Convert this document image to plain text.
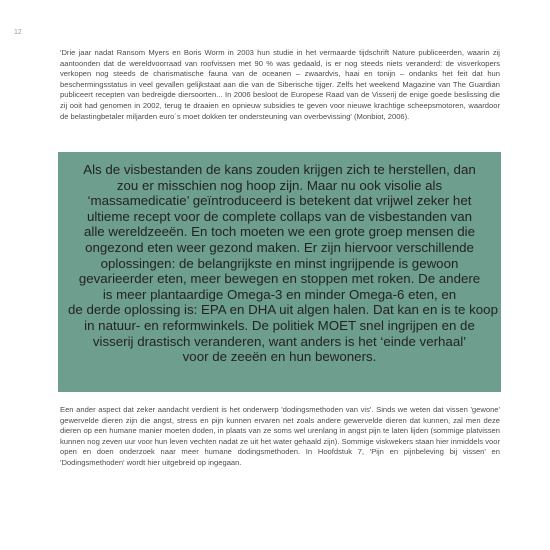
12

'Drie jaar nadat Ransom Myers en Boris Worm in 2003 hun studie in het vermaarde tijdschrift Nature publiceerden, waarin zij aantoonden dat de wereldvoorraad van roofvissen met 90 % was gedaald, is er nog steeds niets veranderd: de visverkopers verkopen nog steeds de charismatische fauna van de oceanen – zwaardvis, haai en tonijn – ondanks het feit dat hun beschermingsstatus in veel gevallen gelijkstaat aan die van de Siberische tijger. Zelfs het weekend Magazine van The Guardian publiceert recepten van bedreigde diersoorten... In 2006 besloot de Europese Raad van de Visserij de enige goede beslissing die zij ooit had genomen in 2002, terug te draaien en opnieuw subsidies te geven voor nieuwe krachtige scheepsmotoren, waardoor de belastingbetaler miljarden euro´s moet dokken ter ondersteuning van overbevissing' (Monbiot, 2006).

Als de visbestanden de kans zouden krijgen zich te herstellen, dan
zou er misschien nog hoop zijn. Maar nu ook visolie als
‘massamedicatie’ geïntroduceerd is betekent dat vrijwel zeker het
ultieme recept voor de complete collaps van de visbestanden van
alle wereldzeeën. En toch moeten we een grote groep mensen die
ongezond eten weer gezond maken. Er zijn hiervoor verschillende
oplossingen: de belangrijkste en minst ingrijpende is gewoon
gevarieerder eten, meer bewegen en stoppen met roken. De andere
is meer plantaardige Omega-3 en minder Omega-6 eten, en
de derde oplossing is: EPA en DHA uit algen halen. Dat kan en is te koop
in natuur- en reformwinkels. De politiek MOET snel ingrijpen en de
visserij drastisch veranderen, want anders is het ‘einde verhaal’
voor de zeeën en hun bewoners.

Een ander aspect dat zeker aandacht verdient is het onderwerp 'dodingsmethoden van vis'. Sinds we weten dat vissen 'gewone' gewervelde dieren zijn die angst, stress en pijn kunnen ervaren net zoals andere gewervelde dieren dat kunnen, zal men deze dieren op een humane manier moeten doden, in plaats van ze soms wel urenlang in angst pijn te laten lijden (sommige platvissen kunnen nog zeven uur voor hun leven vechten nadat ze uit het water gehaald zijn). Sommige viskwekers staan hier inmiddels voor open en doen onderzoek naar meer humane dodingsmethoden. In Hoofdstuk 7, 'Pijn en pijnbeleving bij vissen' en 'Dodingsmethoden' wordt hier uitgebreid op ingegaan.
